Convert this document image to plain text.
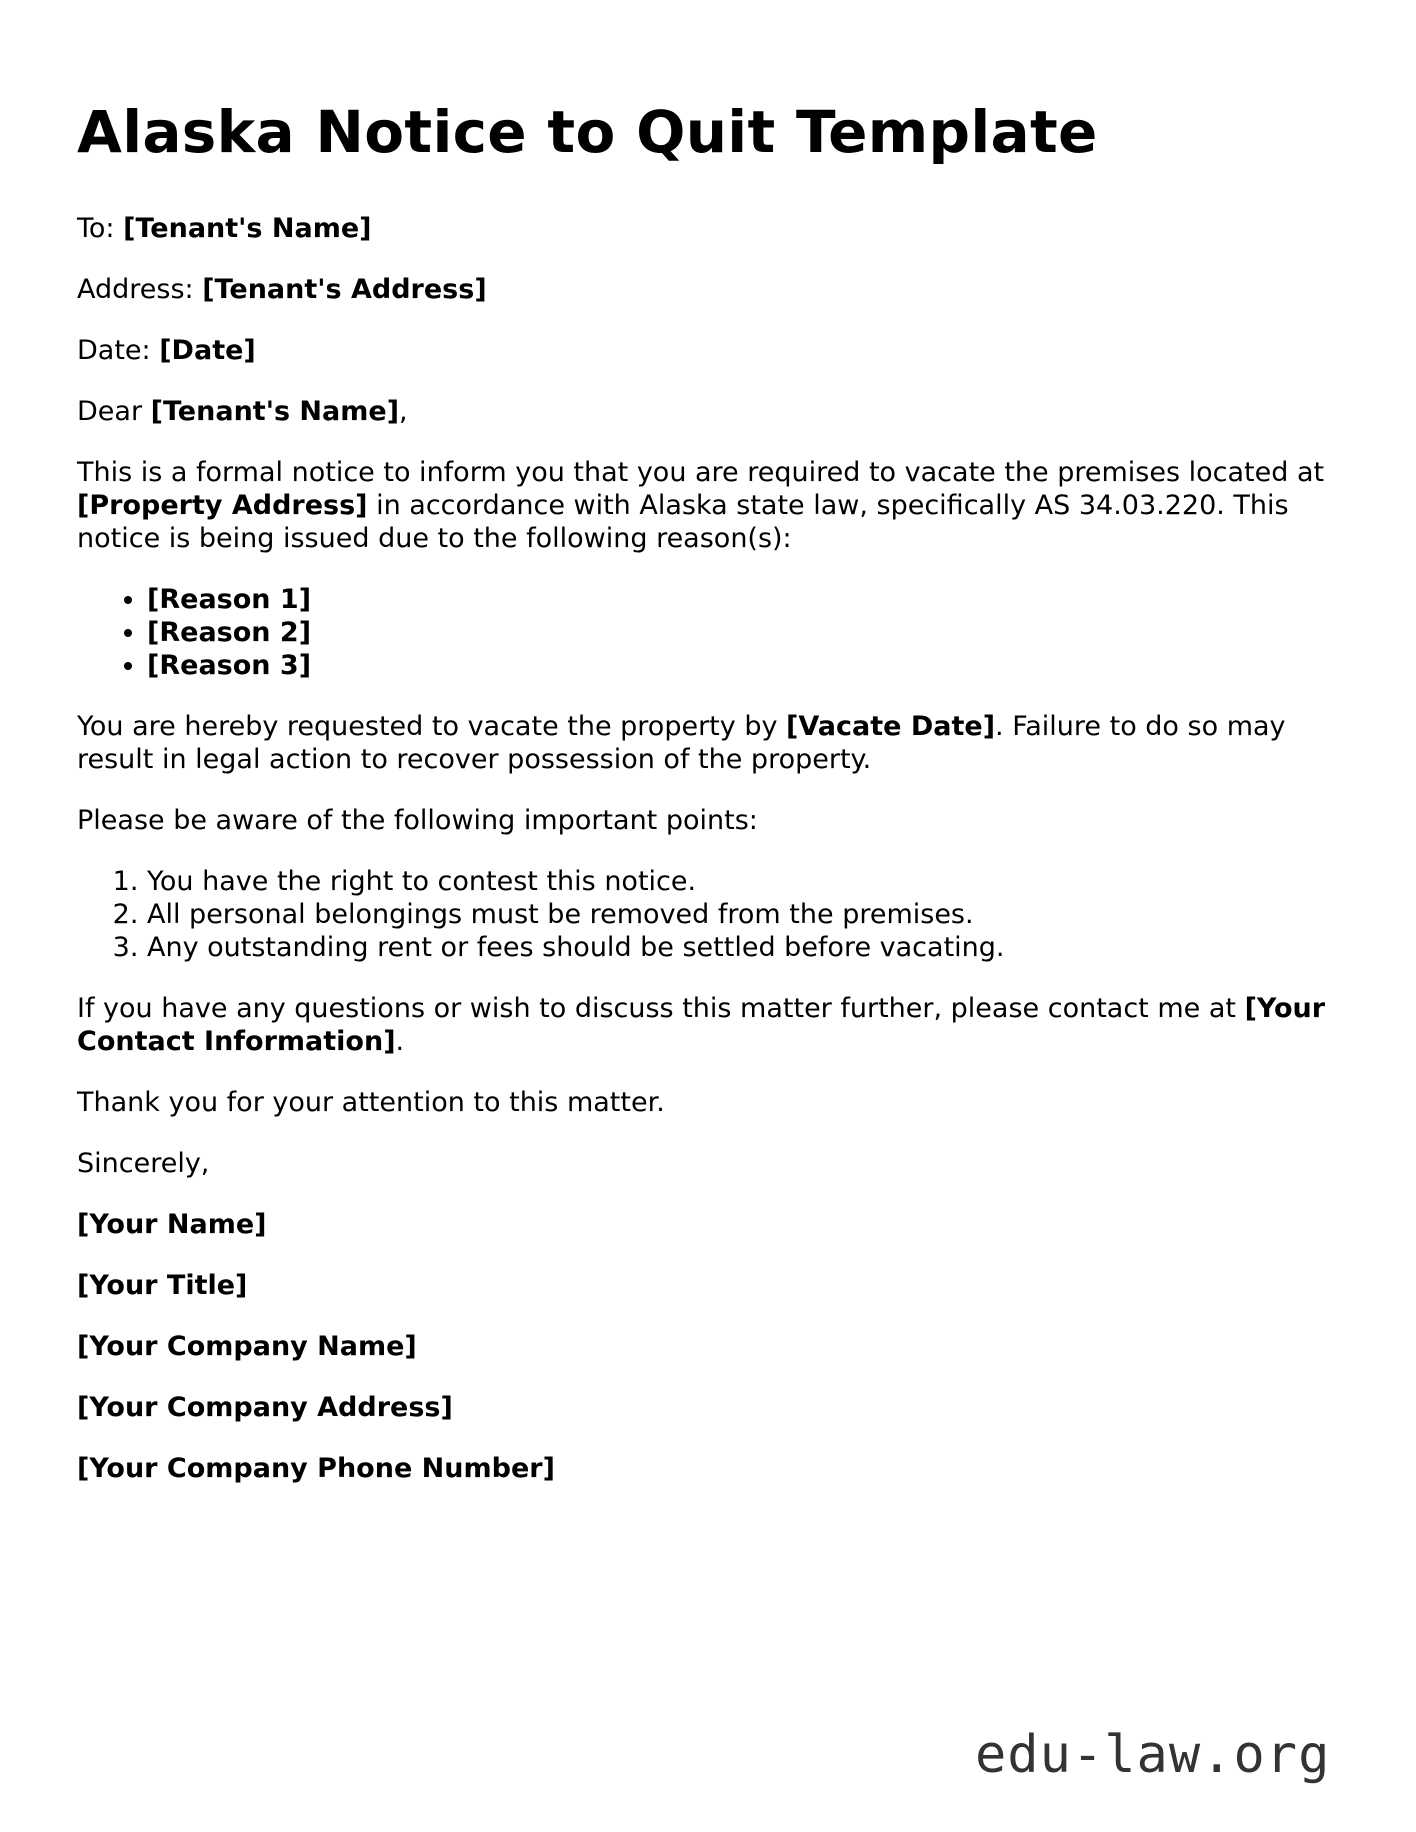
Alaska Notice to Quit Template

To: [Tenant's Name]

Address: [Tenant's Address]

Date: [Date]

Dear [Tenant's Name],

This is a formal notice to inform you that you are required to vacate the premises located at [Property Address] in accordance with Alaska state law, specifically AS 34.03.220. This notice is being issued due to the following reason(s):

• [Reason 1]
• [Reason 2]
• [Reason 3]

You are hereby requested to vacate the property by [Vacate Date]. Failure to do so may result in legal action to recover possession of the property.

Please be aware of the following important points:

1. You have the right to contest this notice.
2. All personal belongings must be removed from the premises.
3. Any outstanding rent or fees should be settled before vacating.

If you have any questions or wish to discuss this matter further, please contact me at [Your Contact Information].

Thank you for your attention to this matter.

Sincerely,

[Your Name]

[Your Title]

[Your Company Name]

[Your Company Address]

[Your Company Phone Number]

edu-law.org
